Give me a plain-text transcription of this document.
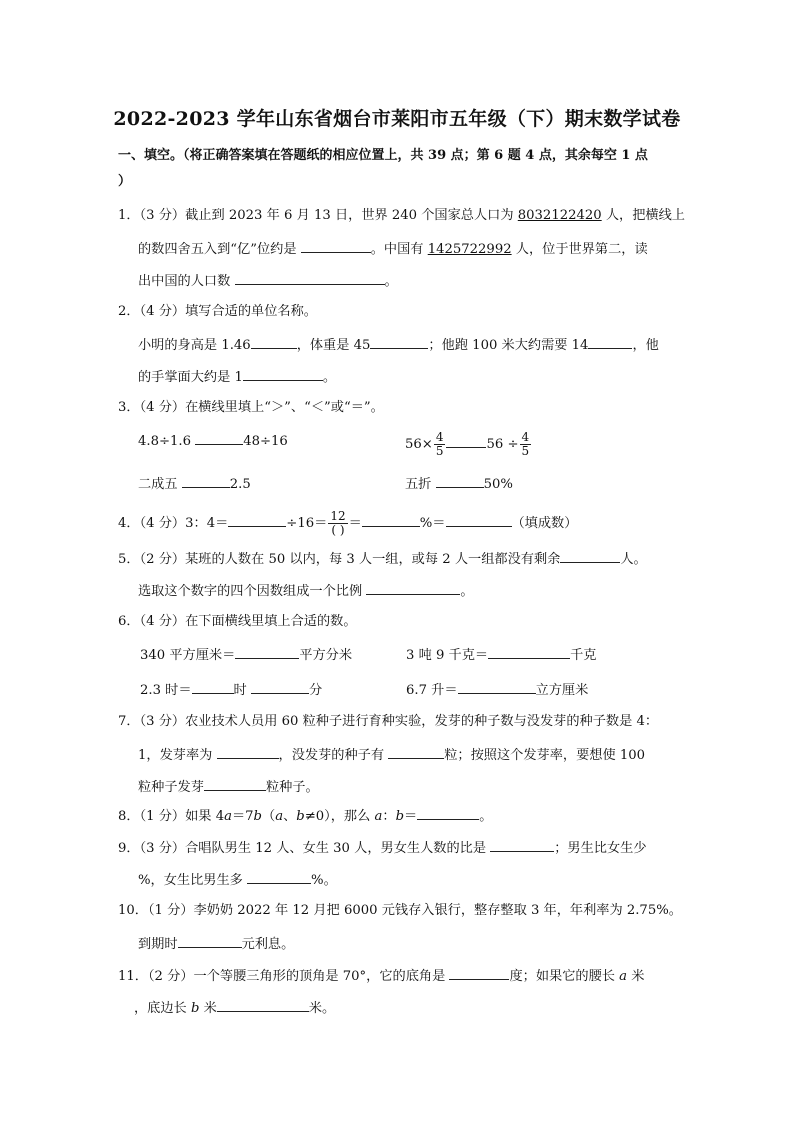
2022-2023 学年山东省烟台市莱阳市五年级（下）期末数学试卷
一、填空。（将正确答案填在答题纸的相应位置上，共 39 点；第 6 题 4 点，其余每空 1 点
）
1．（3 分）截止到 2023 年 6 月 13 日，世界 240 个国家总人口为 8032122420 人，把横线上
的数四舍五入到“亿”位约是	。中国有 1425722992 人，位于世界第二，读
出中国的人口数	。
2．（4 分）填写合适的单位名称。
小明的身高是 1.46	，体重是 45	；他跑 100 米大约需要 14	，他
的手掌面大约是 1	。
3．（4 分）在横线里填上“＞”、“＜”或“＝”。
4.8÷1.6	48÷16	$56\times \frac{4}{5}$	$56 \div \frac{4}{5}$
二成五	2.5	五折	50%
4．（4 分）3：4＝	$\div 16= \frac{12}{( )}$ ＝	%＝	（填成数）
5．（2 分）某班的人数在 50 以内，每 3 人一组，或每 2 人一组都没有剩余	人。
选取这个数字的四个因数组成一个比例	。
6．（4 分）在下面横线里填上合适的数。
340 平方厘米＝	平方分米	3 吨 9 千克＝	千克
2.3 时＝	时	分	6.7 升＝	立方厘米
7．（3 分）农业技术人员用 60 粒种子进行育种实验，发芽的种子数与没发芽的种子数是 4：
1，发芽率为	，没发芽的种子有	粒；按照这个发芽率，要想使 100
粒种子发芽	粒种子。
8．（1 分）如果 4a＝7b（a、b≠0），那么 a：b＝	。
9．（3 分）合唱队男生 12 人、女生 30 人，男女生人数的比是	；男生比女生少
%，女生比男生多	%。
10．（1 分）李奶奶 2022 年 12 月把 6000 元钱存入银行，整存整取 3 年，年利率为 2.75%。
到期时	元利息。
11．（2 分）一个等腰三角形的顶角是 70°，它的底角是	度；如果它的腰长 a 米
，底边长 b 米	米。
